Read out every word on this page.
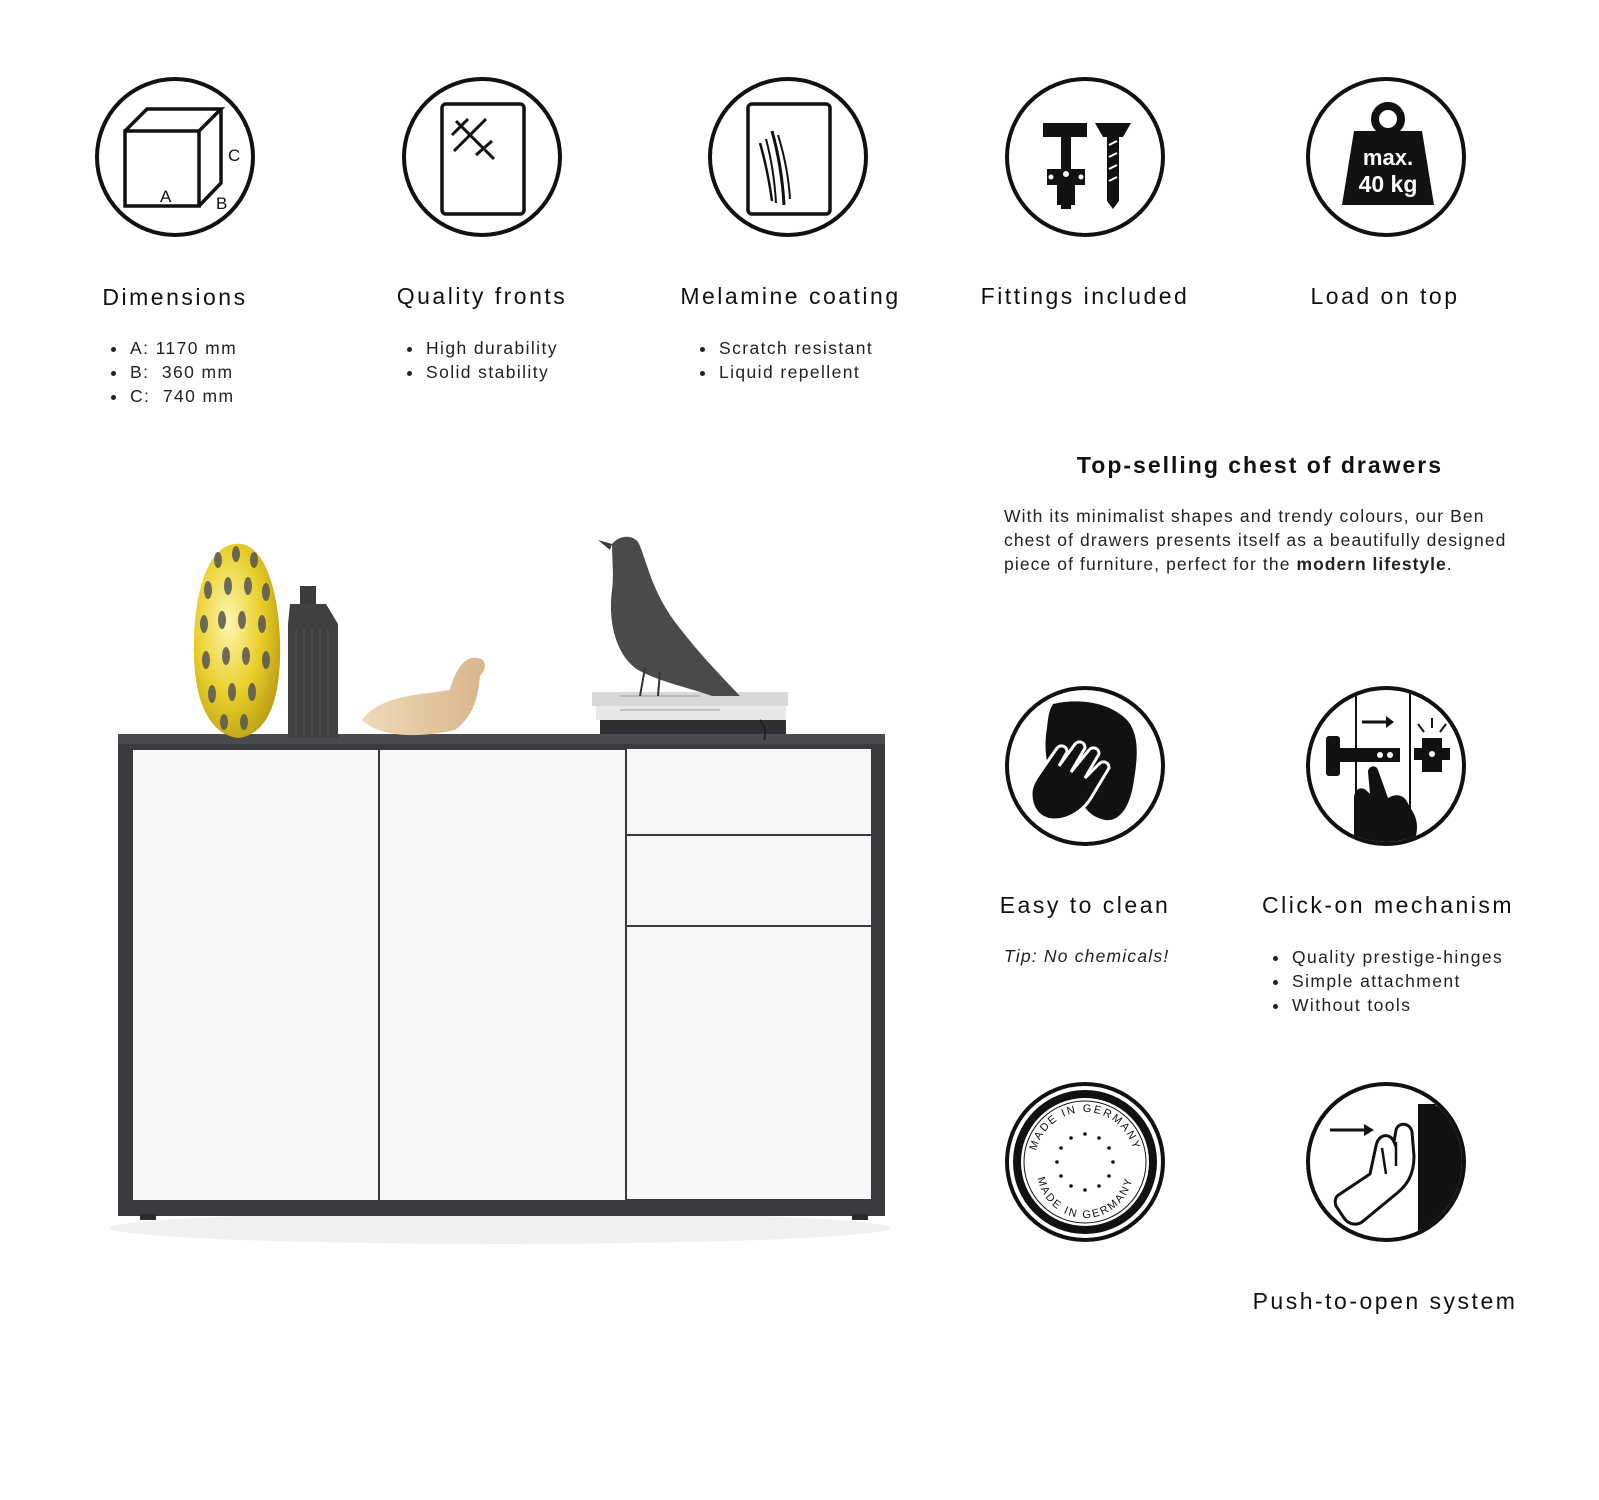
A	B
C	max.
40 kg
Dimensions	Quality fronts	Melamine coating	Fittings included	Load on top
• A: 1170 mm
• B:  360 mm
• C:  740 mm
• High durability
• Solid stability
• Scratch resistant
• Liquid repellent
Top-selling chest of drawers
With its minimalist shapes and trendy colours, our Ben chest of drawers presents itself as a beautifully designed piece of furniture, perfect for the modern lifestyle.
Easy to clean	Click-on mechanism
Tip: No chemicals!
•	Quality prestige-hinges
• Simple attachment
• Without tools
MADE IN GERMANY
MADE IN GERMANY
Push-to-open system
